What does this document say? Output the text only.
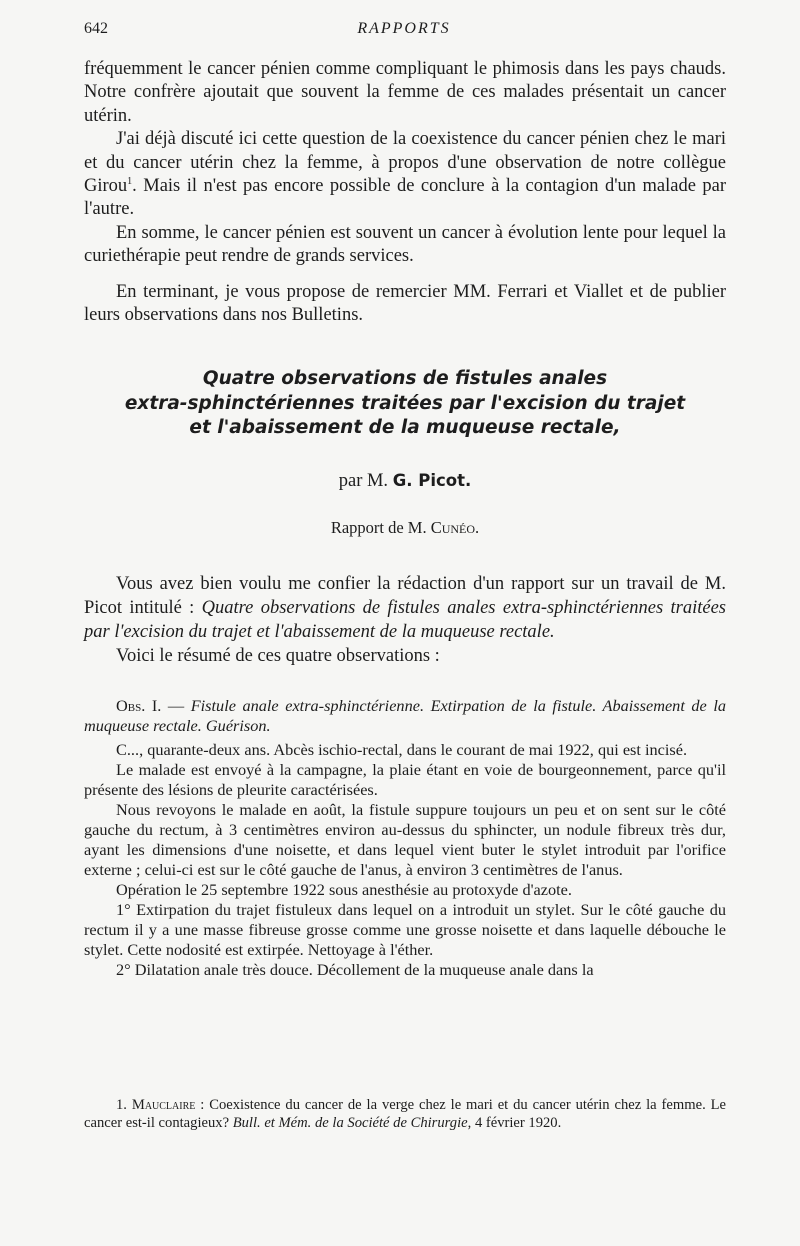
642	RAPPORTS

fréquemment le cancer pénien comme compliquant le phimosis dans les pays chauds. Notre confrère ajoutait que souvent la femme de ces malades présentait un cancer utérin.

J'ai déjà discuté ici cette question de la coexistence du cancer pénien chez le mari et du cancer utérin chez la femme, à propos d'une observation de notre collègue Girou$^1$. Mais il n'est pas encore possible de conclure à la contagion d'un malade par l'autre.

En somme, le cancer pénien est souvent un cancer à évolution lente pour lequel la curiethérapie peut rendre de grands services.

En terminant, je vous propose de remercier MM. Ferrari et Viallet et de publier leurs observations dans nos Bulletins.

Quatre observations de fistules anales
extra-sphinctériennes traitées par l'excision du trajet
et l'abaissement de la muqueuse rectale,
par M. G. Picot.
Rapport de M. Cunéo.

Vous avez bien voulu me confier la rédaction d'un rapport sur un travail de M. Picot intitulé : Quatre observations de fistules anales extra-sphinctériennes traitées par l'excision du trajet et l'abaissement de la muqueuse rectale.

Voici le résumé de ces quatre observations :

Obs. I. — Fistule anale extra-sphinctérienne. Extirpation de la fistule. Abaissement de la muqueuse rectale. Guérison.

C..., quarante-deux ans. Abcès ischio-rectal, dans le courant de mai 1922, qui est incisé.

Le malade est envoyé à la campagne, la plaie étant en voie de bourgeonnement, parce qu'il présente des lésions de pleurite caractérisées.

Nous revoyons le malade en août, la fistule suppure toujours un peu et on sent sur le côté gauche du rectum, à 3 centimètres environ au-dessus du sphincter, un nodule fibreux très dur, ayant les dimensions d'une noisette, et dans lequel vient buter le stylet introduit par l'orifice externe ; celui-ci est sur le côté gauche de l'anus, à environ 3 centimètres de l'anus.

Opération le 25 septembre 1922 sous anesthésie au protoxyde d'azote.

1° Extirpation du trajet fistuleux dans lequel on a introduit un stylet. Sur le côté gauche du rectum il y a une masse fibreuse grosse comme une grosse noisette et dans laquelle débouche le stylet. Cette nodosité est extirpée. Nettoyage à l'éther.

2° Dilatation anale très douce. Décollement de la muqueuse anale dans la

1. Mauclaire : Coexistence du cancer de la verge chez le mari et du cancer utérin chez la femme. Le cancer est-il contagieux? Bull. et Mém. de la Société de Chirurgie, 4 février 1920.
